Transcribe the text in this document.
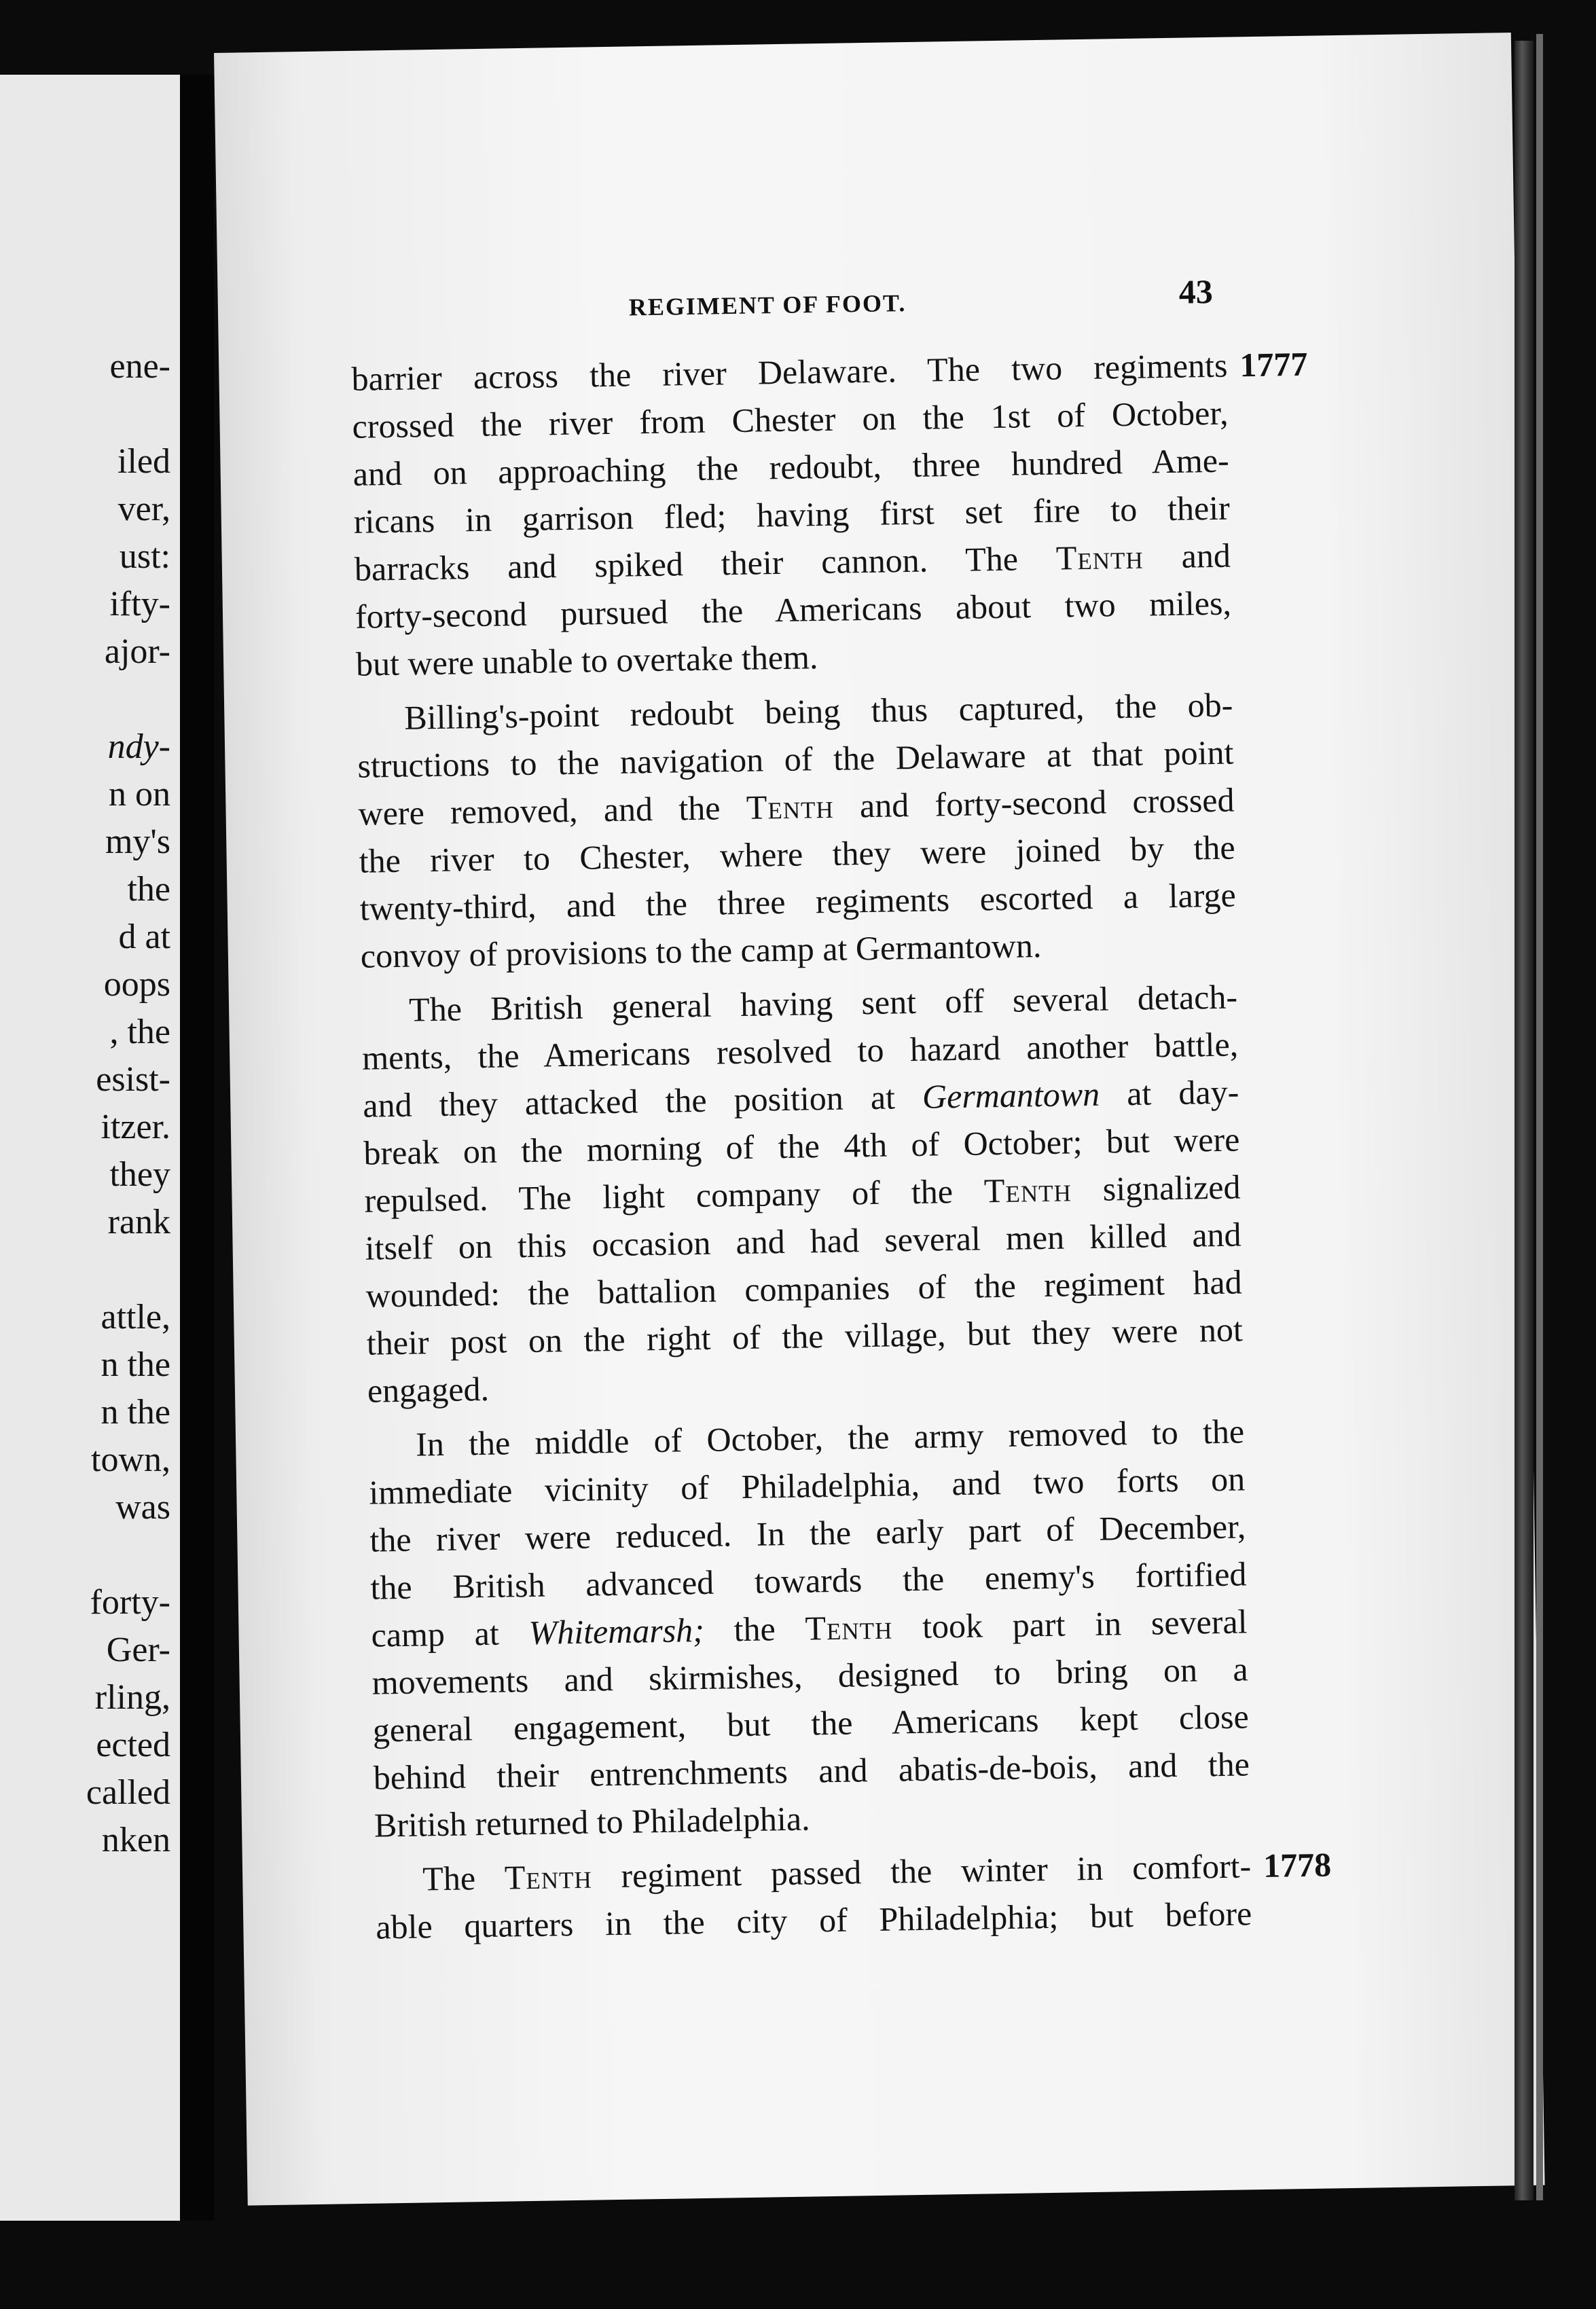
ene-
iled
ver,
ust:
ifty-
ajor-
ndy-
n on
my's
the
d at
oops
, the
esist-
itzer.
they
rank
attle,
n the
n the
town,
was
forty-
Ger-
rling,
ected
called
nken
REGIMENT OF FOOT.	43
barrier across the river Delaware. The two regiments 1777
crossed the river from Chester on the 1st of October,
and on approaching the redoubt, three hundred Ame-
ricans in garrison fled; having first set fire to their
barracks and spiked their cannon. The Tenth and
forty-second pursued the Americans about two miles,
but were unable to overtake them.
Billing's-point redoubt being thus captured, the ob-
structions to the navigation of the Delaware at that point
were removed, and the Tenth and forty-second crossed
the river to Chester, where they were joined by the
twenty-third, and the three regiments escorted a large
convoy of provisions to the camp at Germantown.
The British general having sent off several detach-
ments, the Americans resolved to hazard another battle,
and they attacked the position at Germantown at day-
break on the morning of the 4th of October; but were
repulsed. The light company of the Tenth signalized
itself on this occasion and had several men killed and
wounded: the battalion companies of the regiment had
their post on the right of the village, but they were not
engaged.
In the middle of October, the army removed to the
immediate vicinity of Philadelphia, and two forts on
the river were reduced. In the early part of December,
the British advanced towards the enemy's fortified
camp at Whitemarsh; the Tenth took part in several
movements and skirmishes, designed to bring on a
general engagement, but the Americans kept close
behind their entrenchments and abatis-de-bois, and the
British returned to Philadelphia.
The Tenth regiment passed the winter in comfort- 1778
able quarters in the city of Philadelphia; but before
